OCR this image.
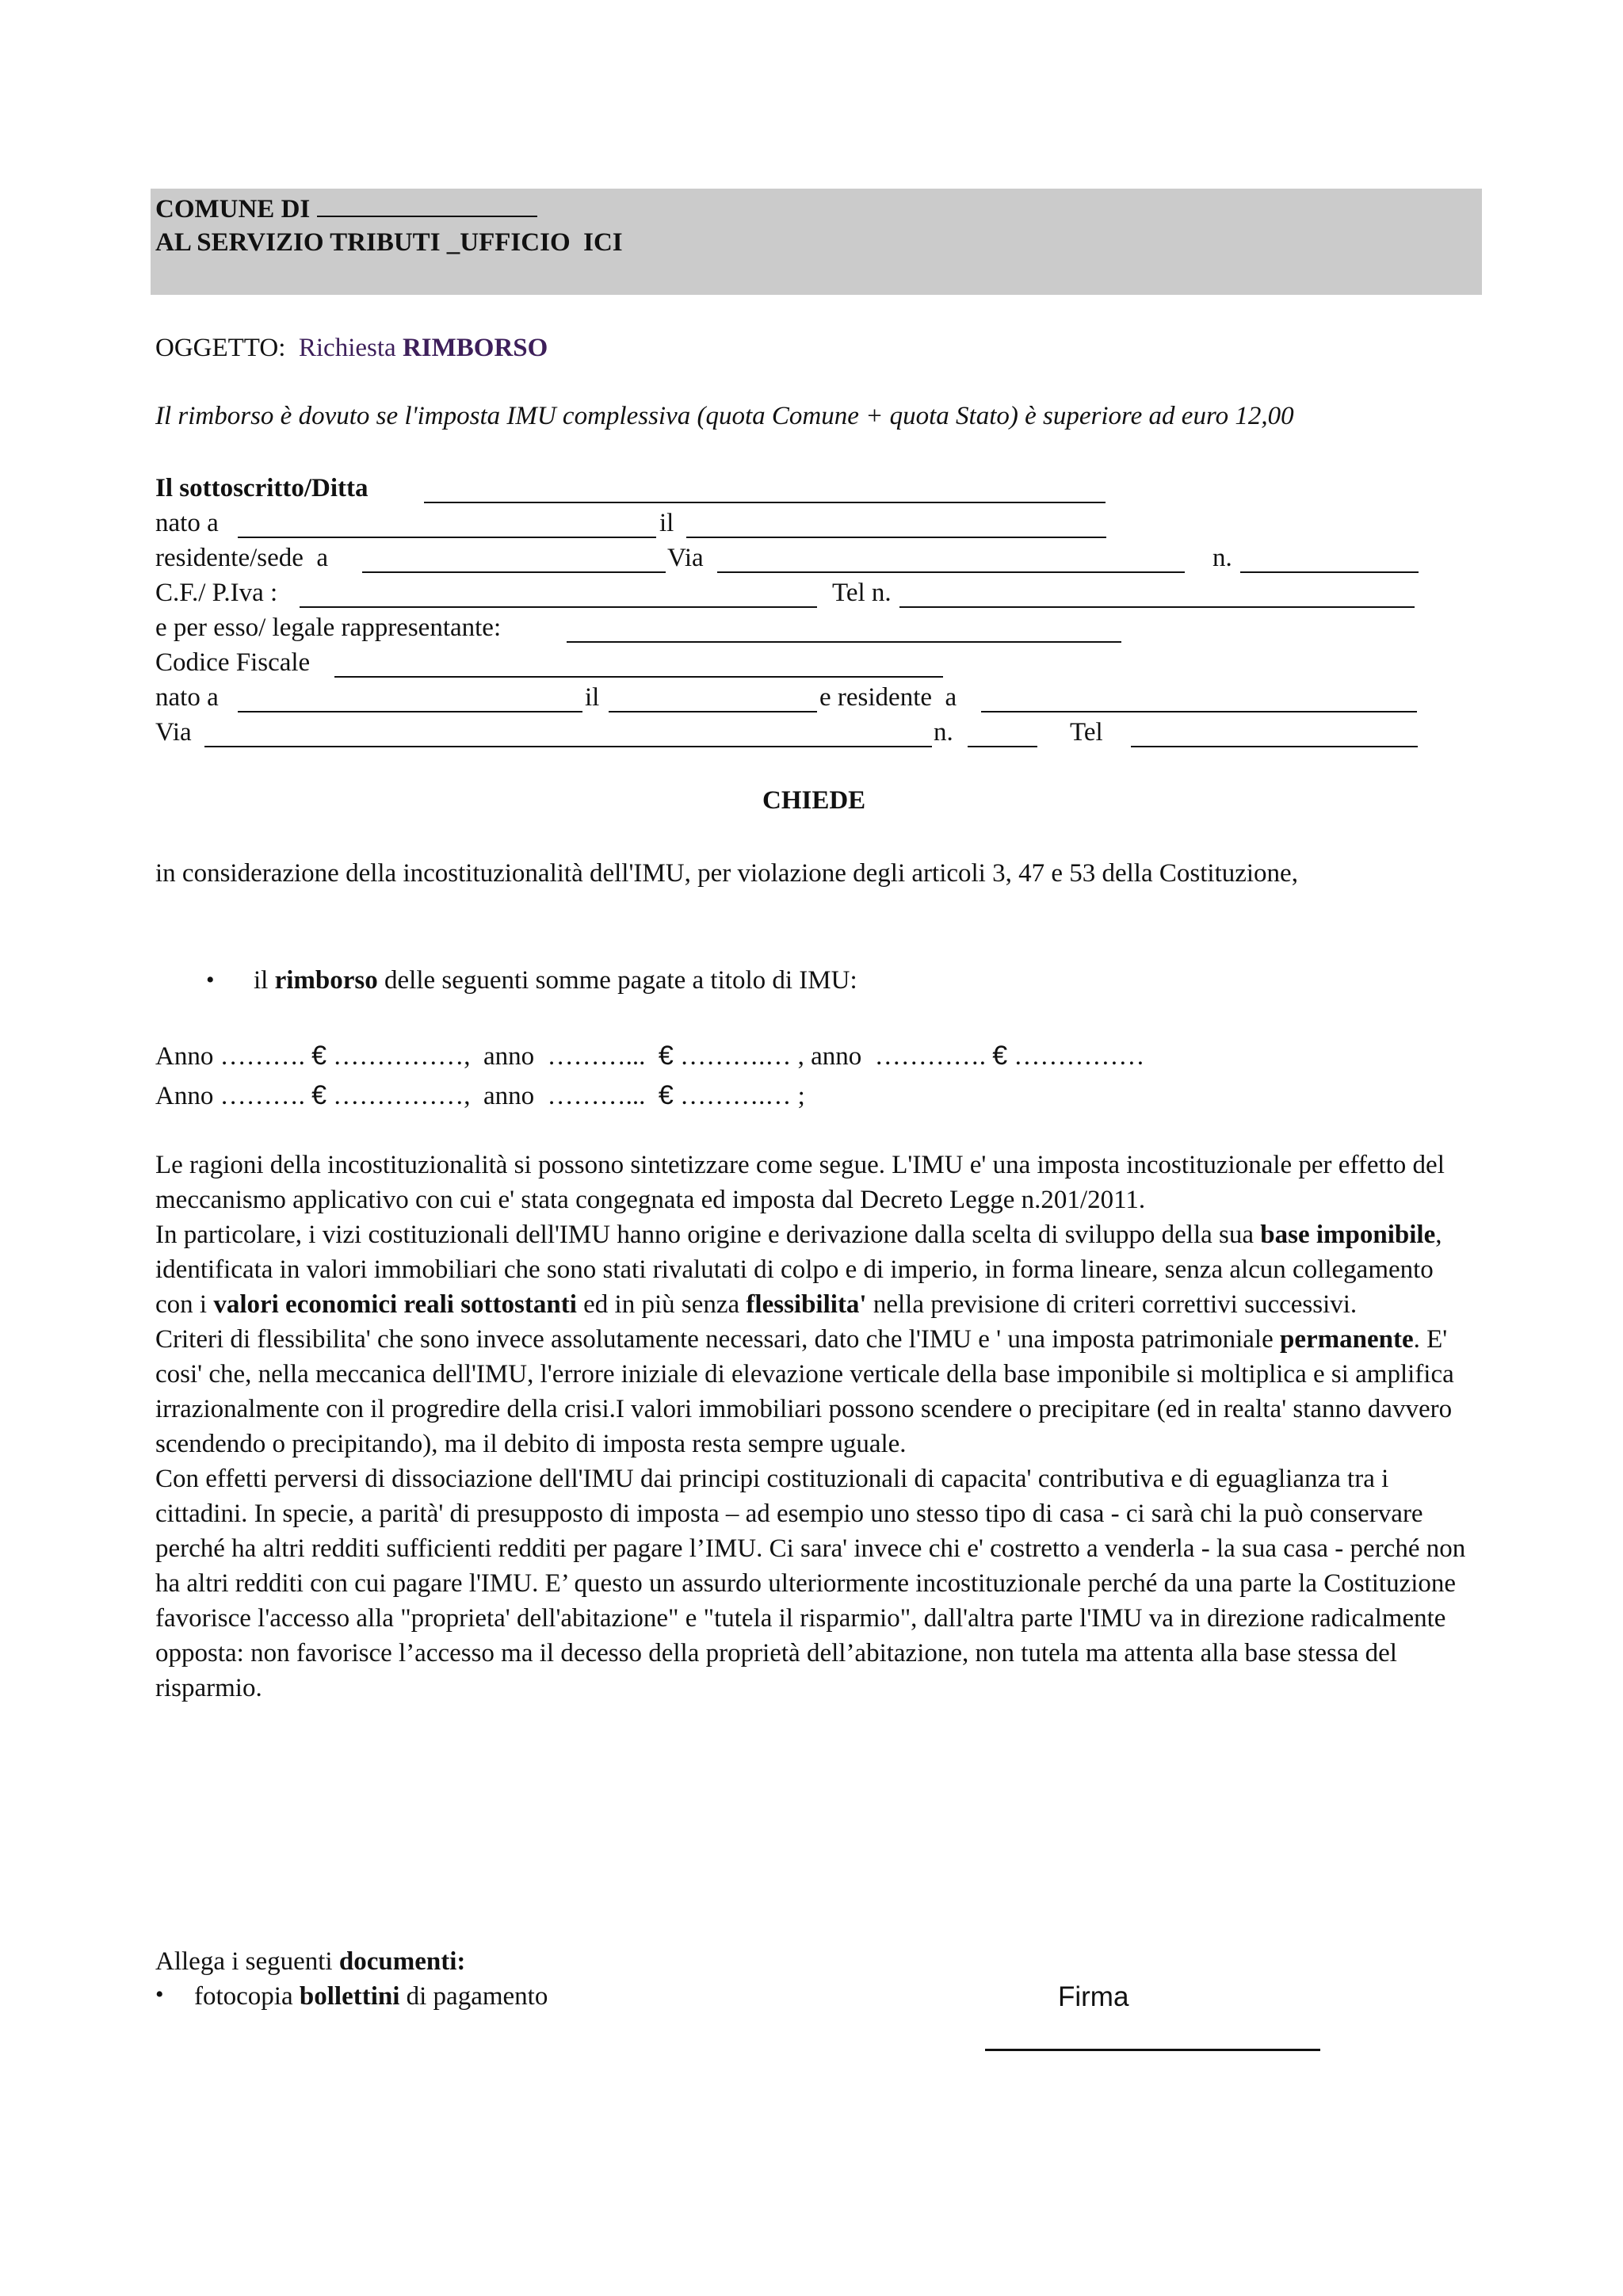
COMUNE DI
AL SERVIZIO TRIBUTI _UFFICIO  ICI
OGGETTO: Richiesta RIMBORSO
Il rimborso è dovuto se l'imposta IMU complessiva (quota Comune + quota Stato) è superiore ad euro 12,00
Il sottoscritto/Ditta
nato a	il
residente/sede  a	Via	n.
C.F./ P.Iva :	Tel n.
e per esso/ legale rappresentante:
Codice Fiscale
nato a	il	e residente  a
Via	n.	Tel
CHIEDE

in considerazione della incostituzionalità dell'IMU, per violazione degli articoli 3, 47 e 53 della Costituzione,

• il rimborso delle seguenti somme pagate a titolo di IMU:
Anno ………. € ……………,  anno  ………...  € ……….… , anno  …………. € ……………
Anno ………. € ……………,  anno  ………...  € ……….… ;
Le ragioni della incostituzionalità si possono sintetizzare come segue. L'IMU e' una imposta incostituzionale per effetto del meccanismo applicativo con cui e' stata congegnata ed imposta dal Decreto Legge n.201/2011.
In particolare, i vizi costituzionali dell'IMU hanno origine e derivazione dalla scelta di sviluppo della sua base imponibile, identificata in valori immobiliari che sono stati rivalutati di colpo e di imperio, in forma lineare, senza alcun collegamento con i valori economici reali sottostanti ed in più senza flessibilita' nella previsione di criteri correttivi successivi.
Criteri di flessibilita' che sono invece assolutamente necessari, dato che l'IMU e ' una imposta patrimoniale permanente. E' cosi' che, nella meccanica dell'IMU, l'errore iniziale di elevazione verticale della base imponibile si moltiplica e si amplifica irrazionalmente con il progredire della crisi.I valori immobiliari possono scendere o precipitare (ed in realta' stanno davvero scendendo o precipitando), ma il debito di imposta resta sempre uguale.
Con effetti perversi di dissociazione dell'IMU dai principi costituzionali di capacita' contributiva e di eguaglianza tra i cittadini. In specie, a parità' di presupposto di imposta – ad esempio uno stesso tipo di casa - ci sarà chi la può conservare perché ha altri redditi sufficienti redditi per pagare l’IMU. Ci sara' invece chi e' costretto a venderla - la sua casa - perché non ha altri redditi con cui pagare l'IMU. E’ questo un assurdo ulteriormente incostituzionale perché da una parte la Costituzione favorisce l'accesso alla "proprieta' dell'abitazione" e "tutela il risparmio", dall'altra parte l'IMU va in direzione radicalmente opposta: non favorisce l’accesso ma il decesso della proprietà dell’abitazione, non tutela ma attenta alla base stessa del risparmio.
Allega i seguenti documenti:
• fotocopia bollettini di pagamento	Firma
